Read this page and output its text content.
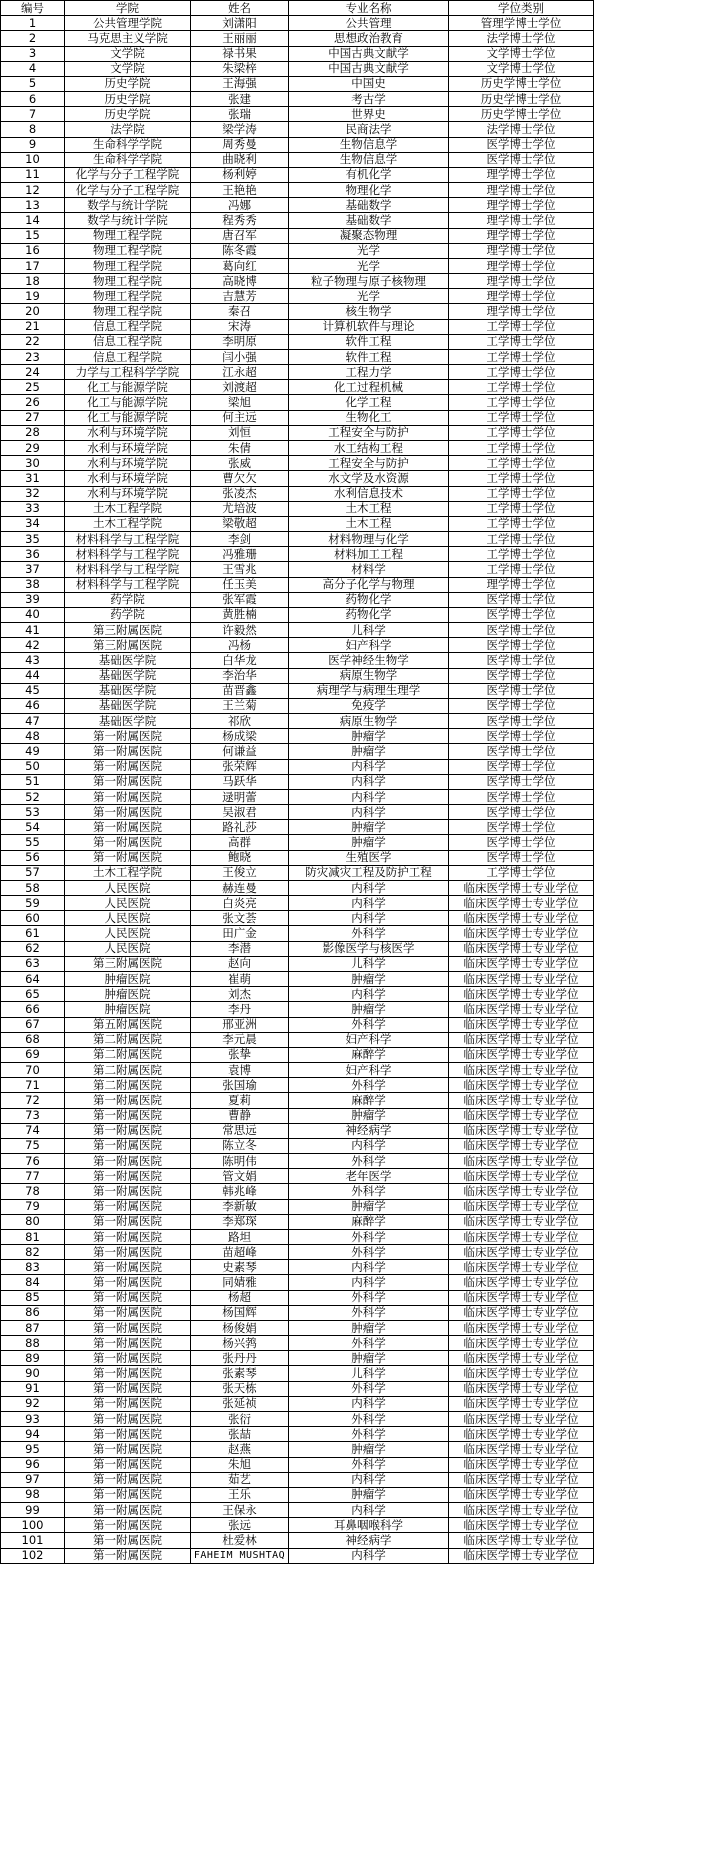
编号	学院	姓名	专业名称	学位类别
1	公共管理学院	刘潇阳	公共管理	管理学博士学位
2	马克思主义学院	王丽丽	思想政治教育	法学博士学位
3	文学院	禄书果	中国古典文献学	文学博士学位
4	文学院	朱梁梓	中国古典文献学	文学博士学位
5	历史学院	王海强	中国史	历史学博士学位
6	历史学院	张建	考古学	历史学博士学位
7	历史学院	张瑞	世界史	历史学博士学位
8	法学院	梁学涛	民商法学	法学博士学位
9	生命科学学院	周秀曼	生物信息学	医学博士学位
10	生命科学学院	曲晓利	生物信息学	医学博士学位
11	化学与分子工程学院	杨利婷	有机化学	理学博士学位
12	化学与分子工程学院	王艳艳	物理化学	理学博士学位
13	数学与统计学院	冯娜	基础数学	理学博士学位
14	数学与统计学院	程秀秀	基础数学	理学博士学位
15	物理工程学院	唐召军	凝聚态物理	理学博士学位
16	物理工程学院	陈冬霞	光学	理学博士学位
17	物理工程学院	葛向红	光学	理学博士学位
18	物理工程学院	高晓博	粒子物理与原子核物理	理学博士学位
19	物理工程学院	吉慧芳	光学	理学博士学位
20	物理工程学院	秦召	核生物学	理学博士学位
21	信息工程学院	宋涛	计算机软件与理论	工学博士学位
22	信息工程学院	李明原	软件工程	工学博士学位
23	信息工程学院	闫小强	软件工程	工学博士学位
24	力学与工程科学学院	江永超	工程力学	工学博士学位
25	化工与能源学院	刘渡超	化工过程机械	工学博士学位
26	化工与能源学院	梁旭	化学工程	工学博士学位
27	化工与能源学院	何主远	生物化工	工学博士学位
28	水利与环境学院	刘恒	工程安全与防护	工学博士学位
29	水利与环境学院	朱倩	水工结构工程	工学博士学位
30	水利与环境学院	张威	工程安全与防护	工学博士学位
31	水利与环境学院	曹欠欠	水文学及水资源	工学博士学位
32	水利与环境学院	张凌杰	水利信息技术	工学博士学位
33	土木工程学院	尤培波	土木工程	工学博士学位
34	土木工程学院	梁敬超	土木工程	工学博士学位
35	材料科学与工程学院	李剑	材料物理与化学	工学博士学位
36	材料科学与工程学院	冯雅珊	材料加工工程	工学博士学位
37	材料科学与工程学院	王雪兆	材料学	工学博士学位
38	材料科学与工程学院	任玉美	高分子化学与物理	理学博士学位
39	药学院	张军霞	药物化学	医学博士学位
40	药学院	黄胜楠	药物化学	医学博士学位
41	第三附属医院	许毅然	儿科学	医学博士学位
42	第三附属医院	冯杨	妇产科学	医学博士学位
43	基础医学院	白华龙	医学神经生物学	医学博士学位
44	基础医学院	李治华	病原生物学	医学博士学位
45	基础医学院	苗晋鑫	病理学与病理生理学	医学博士学位
46	基础医学院	王兰菊	免疫学	医学博士学位
47	基础医学院	祁欣	病原生物学	医学博士学位
48	第一附属医院	杨成梁	肿瘤学	医学博士学位
49	第一附属医院	何谦益	肿瘤学	医学博士学位
50	第一附属医院	张荣辉	内科学	医学博士学位
51	第一附属医院	马跃华	内科学	医学博士学位
52	第一附属医院	逯明蕾	内科学	医学博士学位
53	第一附属医院	吴淑君	内科学	医学博士学位
54	第一附属医院	路礼莎	肿瘤学	医学博士学位
55	第一附属医院	高群	肿瘤学	医学博士学位
56	第一附属医院	鲍晓	生殖医学	医学博士学位
57	土木工程学院	王俊立	防灾减灾工程及防护工程	工学博士学位
58	人民医院	赫连曼	内科学	临床医学博士专业学位
59	人民医院	白炎亮	内科学	临床医学博士专业学位
60	人民医院	张文荟	内科学	临床医学博士专业学位
61	人民医院	田广金	外科学	临床医学博士专业学位
62	人民医院	李潜	影像医学与核医学	临床医学博士专业学位
63	第三附属医院	赵向	儿科学	临床医学博士专业学位
64	肿瘤医院	崔萌	肿瘤学	临床医学博士专业学位
65	肿瘤医院	刘杰	内科学	临床医学博士专业学位
66	肿瘤医院	李丹	肿瘤学	临床医学博士专业学位
67	第五附属医院	邢亚洲	外科学	临床医学博士专业学位
68	第二附属医院	李元晨	妇产科学	临床医学博士专业学位
69	第二附属医院	张挚	麻醉学	临床医学博士专业学位
70	第二附属医院	袁博	妇产科学	临床医学博士专业学位
71	第二附属医院	张国瑜	外科学	临床医学博士专业学位
72	第一附属医院	夏莉	麻醉学	临床医学博士专业学位
73	第一附属医院	曹静	肿瘤学	临床医学博士专业学位
74	第一附属医院	常思远	神经病学	临床医学博士专业学位
75	第一附属医院	陈立冬	内科学	临床医学博士专业学位
76	第一附属医院	陈明伟	外科学	临床医学博士专业学位
77	第一附属医院	管文娟	老年医学	临床医学博士专业学位
78	第一附属医院	韩兆峰	外科学	临床医学博士专业学位
79	第一附属医院	李新敏	肿瘤学	临床医学博士专业学位
80	第一附属医院	李郑琛	麻醉学	临床医学博士专业学位
81	第一附属医院	路坦	外科学	临床医学博士专业学位
82	第一附属医院	苗超峰	外科学	临床医学博士专业学位
83	第一附属医院	史素琴	内科学	临床医学博士专业学位
84	第一附属医院	同婧雅	内科学	临床医学博士专业学位
85	第一附属医院	杨超	外科学	临床医学博士专业学位
86	第一附属医院	杨国辉	外科学	临床医学博士专业学位
87	第一附属医院	杨俊娟	肿瘤学	临床医学博士专业学位
88	第一附属医院	杨兴鹁	外科学	临床医学博士专业学位
89	第一附属医院	张丹丹	肿瘤学	临床医学博士专业学位
90	第一附属医院	张素琴	儿科学	临床医学博士专业学位
91	第一附属医院	张天栋	外科学	临床医学博士专业学位
92	第一附属医院	张延祯	内科学	临床医学博士专业学位
93	第一附属医院	张衍	外科学	临床医学博士专业学位
94	第一附属医院	张喆	外科学	临床医学博士专业学位
95	第一附属医院	赵燕	肿瘤学	临床医学博士专业学位
96	第一附属医院	朱旭	外科学	临床医学博士专业学位
97	第一附属医院	茹艺	内科学	临床医学博士专业学位
98	第一附属医院	王乐	肿瘤学	临床医学博士专业学位
99	第一附属医院	王保永	内科学	临床医学博士专业学位
100	第一附属医院	张远	耳鼻咽喉科学	临床医学博士专业学位
101	第一附属医院	杜爱林	神经病学	临床医学博士专业学位
102	第一附属医院	FAHEIM MUSHTAQ	内科学	临床医学博士专业学位
